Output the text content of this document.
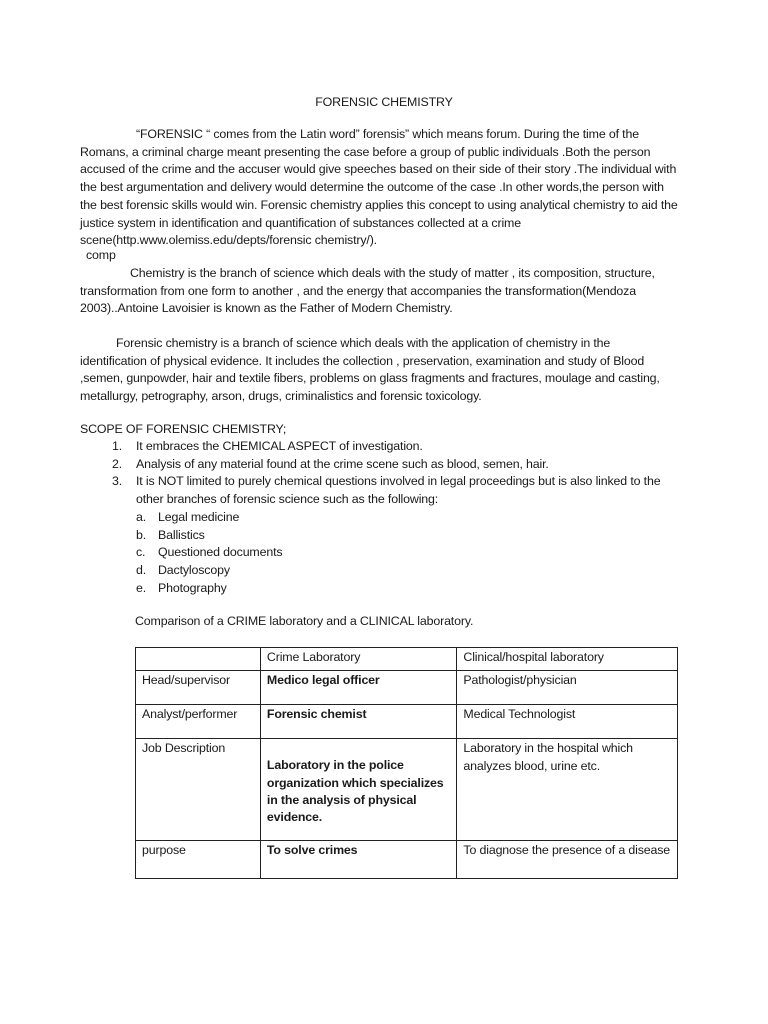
FORENSIC CHEMISTRY

“FORENSIC “ comes from the Latin word” forensis” which means forum. During the time of the Romans, a criminal charge meant presenting the case before a group of public individuals .Both the person accused of the crime and the accuser would give speeches based on their side of their story .The individual with the best argumentation and delivery would determine the outcome of the case .In other words,the person with the best forensic skills would win. Forensic chemistry applies this concept to using analytical chemistry to aid the justice system in identification and quantification of substances collected at a crime scene(http.www.olemiss.edu/depts/forensic chemistry/).

comp

Chemistry is the branch of science which deals with the study of matter , its composition, structure, transformation from one form to another , and the energy that accompanies the transformation(Mendoza 2003)..Antoine Lavoisier is known as the Father of Modern Chemistry.

Forensic chemistry is a branch of science which deals with the application of chemistry in the identification of physical evidence. It includes the collection , preservation, examination and study of Blood ,semen, gunpowder, hair and textile fibers, problems on glass fragments and fractures, moulage and casting, metallurgy, petrography, arson, drugs, criminalistics and forensic toxicology.

SCOPE OF FORENSIC CHEMISTRY;
1. It embraces the CHEMICAL ASPECT of investigation.
2. Analysis of any material found at the crime scene such as blood, semen, hair.
3. It is NOT limited to purely chemical questions involved in legal proceedings but is also linked to the other branches of forensic science such as the following:
a. Legal medicine
b. Ballistics
c. Questioned documents
d. Dactyloscopy
e. Photography
Comparison of a CRIME laboratory and a CLINICAL laboratory.
	Crime Laboratory	Clinical/hospital laboratory
Head/supervisor	Medico legal officer	Pathologist/physician
Analyst/performer	Forensic chemist	Medical Technologist
Job Description	Laboratory in the police organization which specializes in the analysis of physical evidence.	Laboratory in the hospital which analyzes blood, urine etc.
purpose	To solve crimes	To diagnose the presence of a disease
